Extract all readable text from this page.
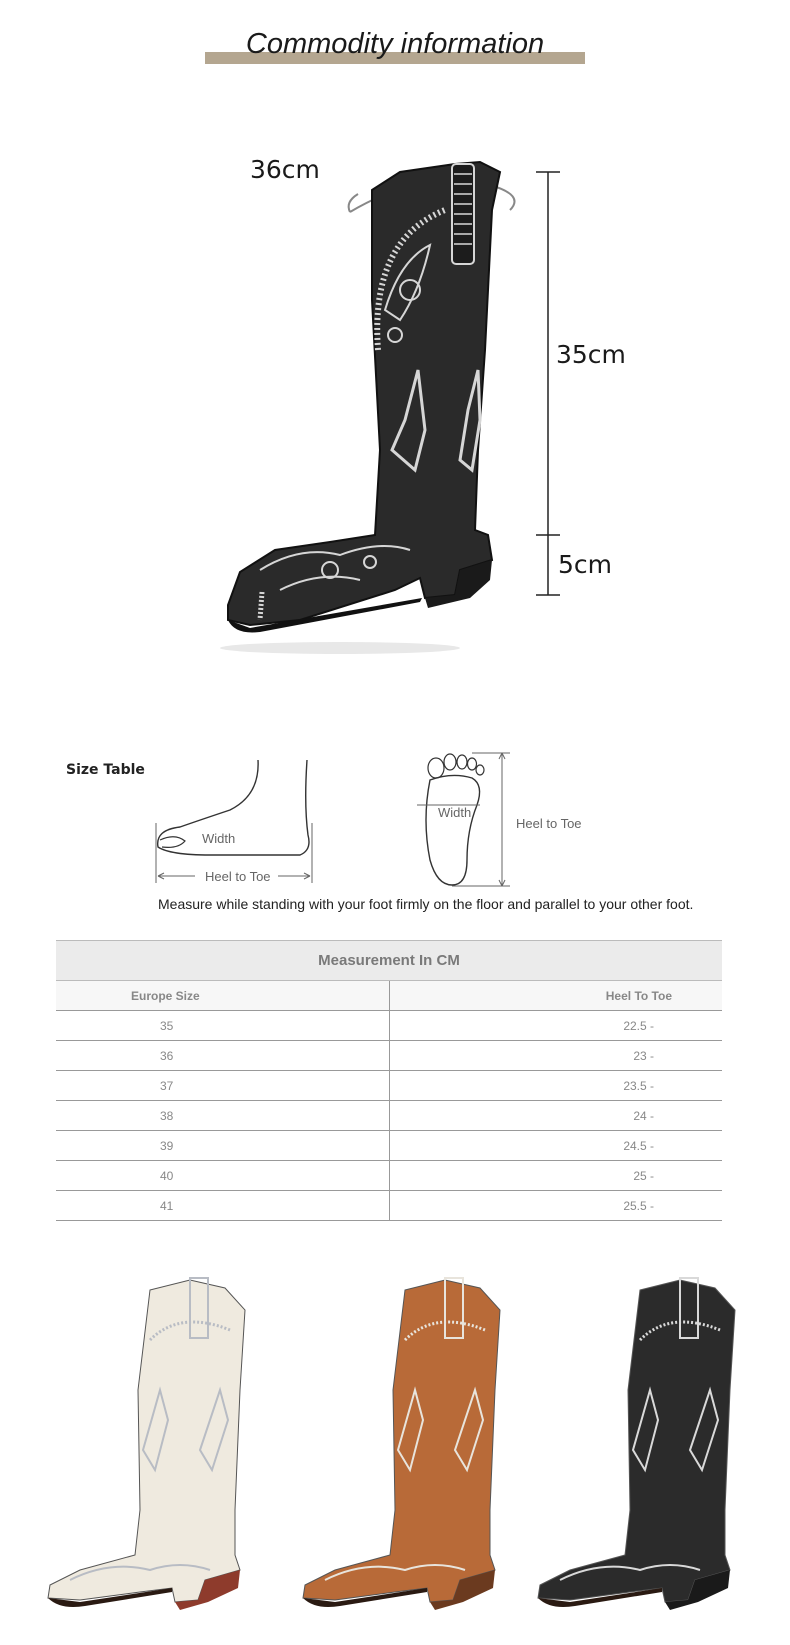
Commodity information
36cm
35cm
5cm
Size Table
Width
Heel to Toe
Width
Heel to Toe
Measure while standing with your foot firmly on the floor and parallel to your other foot.
Measurement In CM	
Europe Size	Heel To Toe
35	22.5 -
36	23 -
37	23.5 -
38	24 -
39	24.5 -
40	25 -
41	25.5 -
